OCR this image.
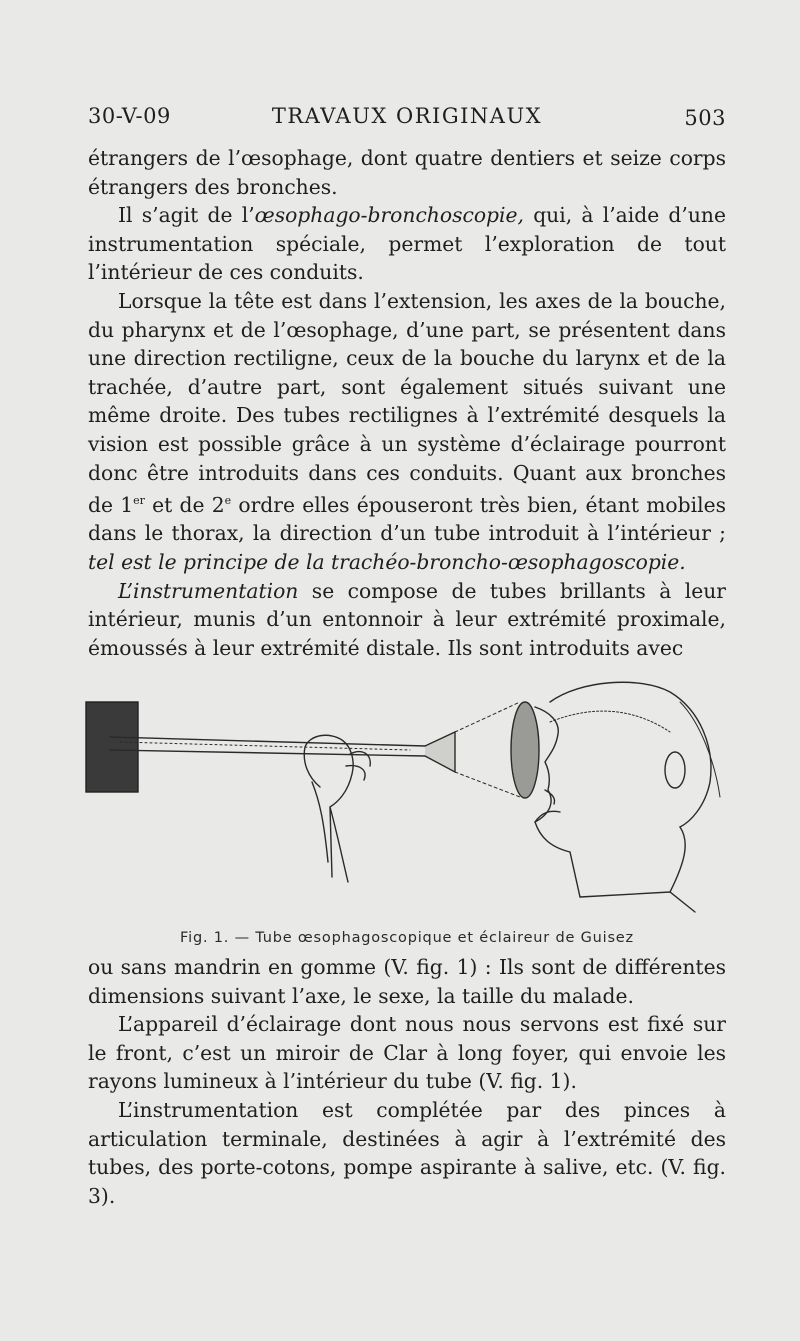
30-V-09	TRAVAUX ORIGINAUX	503

étrangers de l’œsophage, dont quatre dentiers et seize corps étrangers des bronches.

Il s’agit de l’œsophago-bronchoscopie, qui, à l’aide d’une instrumentation spéciale, permet l’exploration de tout l’intérieur de ces conduits.

Lorsque la tête est dans l’extension, les axes de la bouche, du pharynx et de l’œsophage, d’une part, se présentent dans une direction rectiligne, ceux de la bouche du larynx et de la trachée, d’autre part, sont également situés suivant une même droite. Des tubes rectilignes à l’extrémité desquels la vision est possible grâce à un système d’éclairage pourront donc être introduits dans ces conduits. Quant aux bronches de 1er et de 2e ordre elles épouseront très bien, étant mobiles dans le thorax, la direction d’un tube introduit à l’intérieur ; tel est le principe de la trachéo-broncho-œsophagoscopie.

L’instrumentation se compose de tubes brillants à leur intérieur, munis d’un entonnoir à leur extrémité proximale, émoussés à leur extrémité distale. Ils sont introduits avec

Fig. 1. — Tube œsophagoscopique et éclaireur de Guisez

ou sans mandrin en gomme (V. fig. 1) : Ils sont de différentes dimensions suivant l’axe, le sexe, la taille du malade.

L’appareil d’éclairage dont nous nous servons est fixé sur le front, c’est un miroir de Clar à long foyer, qui envoie les rayons lumineux à l’intérieur du tube (V. fig. 1).

L’instrumentation est complétée par des pinces à articulation terminale, destinées à agir à l’extrémité des tubes, des porte-cotons, pompe aspirante à salive, etc. (V. fig. 3).
